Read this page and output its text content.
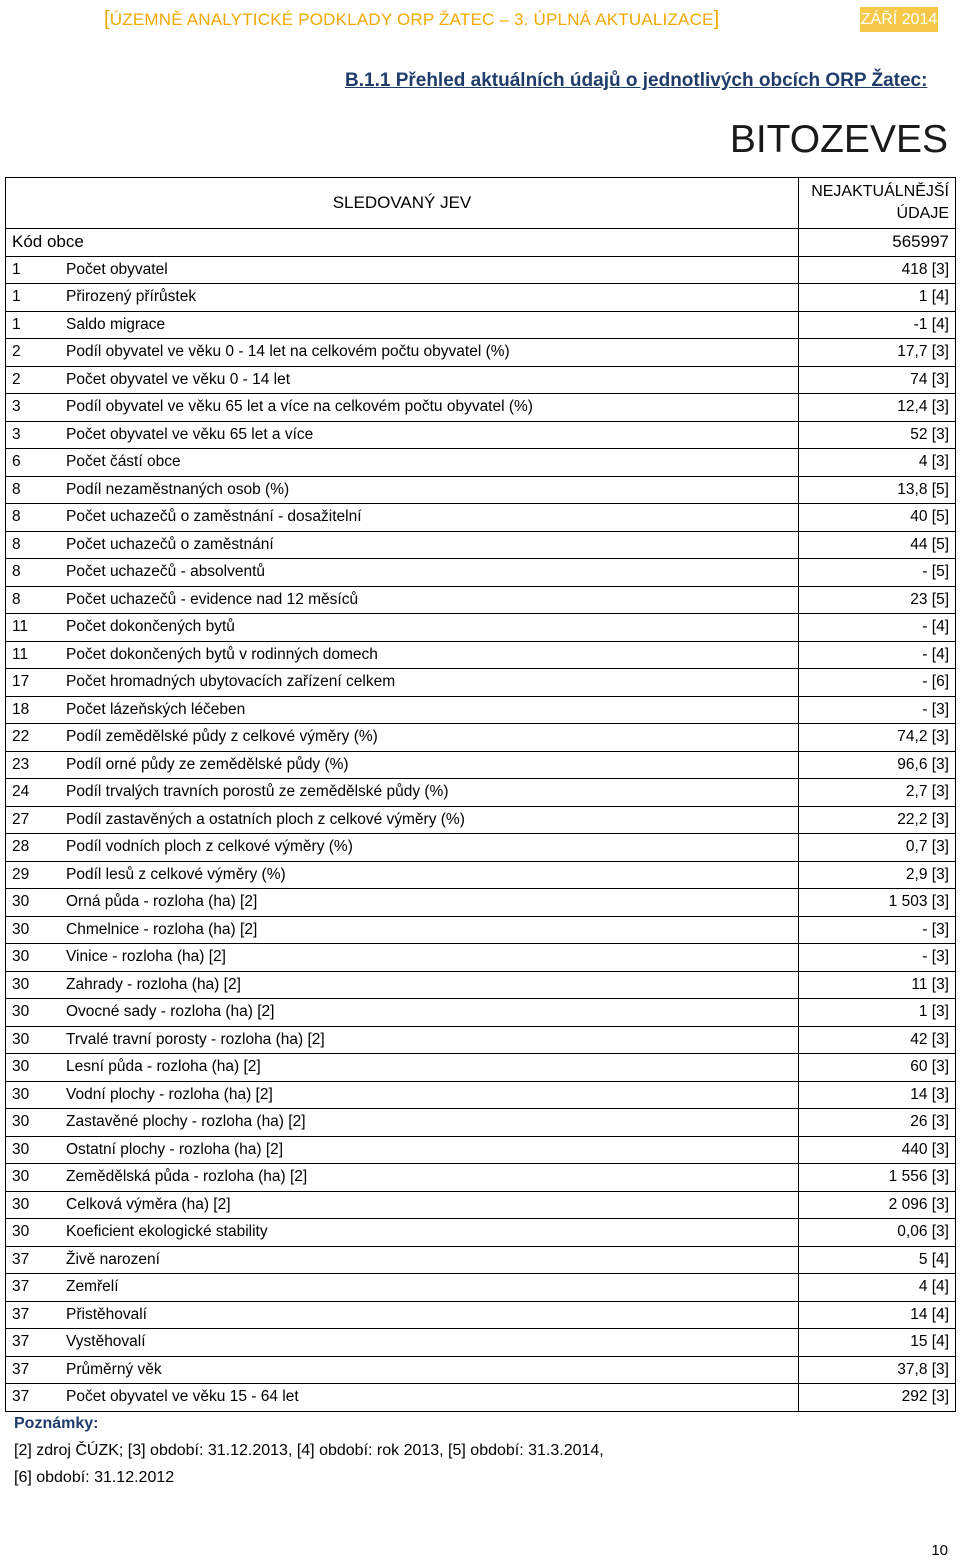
[ÚZEMNĚ ANALYTICKÉ PODKLADY ORP ŽATEC – 3. ÚPLNÁ AKTUALIZACE]	ZÁŘÍ 2014
B.1.1 Přehled aktuálních údajů o jednotlivých obcích ORP Žatec:
BITOZEVES
SLEDOVANÝ JEV		NEJAKTUÁLNĚJŠÍ
ÚDAJE
Kód obce		565997
1	Počet obyvatel	418 [3]
1	Přirozený přírůstek	1 [4]
1	Saldo migrace	-1 [4]
2	Podíl obyvatel ve věku 0 - 14 let na celkovém počtu obyvatel (%)	17,7 [3]
2	Počet obyvatel ve věku 0 - 14 let	74 [3]
3	Podíl obyvatel ve věku 65 let a více na celkovém počtu obyvatel (%)	12,4 [3]
3	Počet obyvatel ve věku 65 let a více	52 [3]
6	Počet částí obce	4 [3]
8	Podíl nezaměstnaných osob (%)	13,8 [5]
8	Počet uchazečů o zaměstnání - dosažitelní	40 [5]
8	Počet uchazečů o zaměstnání	44 [5]
8	Počet uchazečů - absolventů	- [5]
8	Počet uchazečů - evidence nad 12 měsíců	23 [5]
11	Počet dokončených bytů	- [4]
11	Počet dokončených bytů v rodinných domech	- [4]
17	Počet hromadných ubytovacích zařízení celkem	- [6]
18	Počet lázeňských léčeben	- [3]
22	Podíl zemědělské půdy z celkové výměry (%)	74,2 [3]
23	Podíl orné půdy ze zemědělské půdy (%)	96,6 [3]
24	Podíl trvalých travních porostů ze zemědělské půdy (%)	2,7 [3]
27	Podíl zastavěných a ostatních ploch z celkové výměry (%)	22,2 [3]
28	Podíl vodních ploch z celkové výměry (%)	0,7 [3]
29	Podíl lesů z celkové výměry (%)	2,9 [3]
30	Orná půda - rozloha (ha) [2]	1 503 [3]
30	Chmelnice - rozloha (ha) [2]	- [3]
30	Vinice - rozloha (ha) [2]	- [3]
30	Zahrady - rozloha (ha) [2]	11 [3]
30	Ovocné sady - rozloha (ha) [2]	1 [3]
30	Trvalé travní porosty - rozloha (ha) [2]	42 [3]
30	Lesní půda - rozloha (ha) [2]	60 [3]
30	Vodní plochy - rozloha (ha) [2]	14 [3]
30	Zastavěné plochy - rozloha (ha) [2]	26 [3]
30	Ostatní plochy - rozloha (ha) [2]	440 [3]
30	Zemědělská půda - rozloha (ha) [2]	1 556 [3]
30	Celková výměra (ha) [2]	2 096 [3]
30	Koeficient ekologické stability	0,06 [3]
37	Živě narození	5 [4]
37	Zemřelí	4 [4]
37	Přistěhovalí	14 [4]
37	Vystěhovalí	15 [4]
37	Průměrný věk	37,8 [3]
37	Počet obyvatel ve věku 15 - 64 let	292 [3]
Poznámky:
[2] zdroj ČÚZK; [3] období: 31.12.2013, [4] období: rok 2013, [5] období: 31.3.2014,
[6] období: 31.12.2012
10
